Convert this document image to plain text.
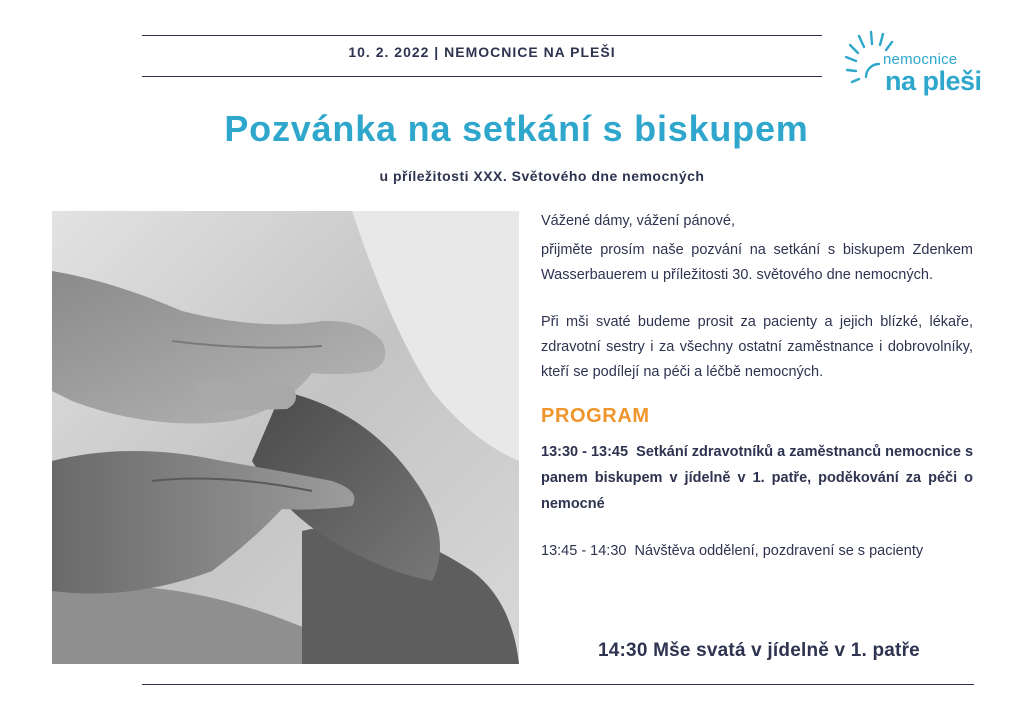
10. 2. 2022 | NEMOCNICE NA PLEŠI	nemocnice
na pleši
Pozvánka na setkání s biskupem
u příležitosti XXX. Světového dne nemocných

Vážené dámy, vážení pánové,

přijměte prosím naše pozvání na setkání s biskupem Zdenkem Wasserbauerem u příležitosti 30. světového dne nemocných.

Při mši svaté budeme prosit za pacienty a jejich blízké, lékaře, zdravotní sestry i za všechny ostatní zaměstnance i dobrovolníky, kteří se podílejí na péči a léčbě nemocných.

PROGRAM
13:30 - 13:45 Setkání zdravotníků a zaměstnanců nemocnice s panem biskupem v jídelně v 1. patře, poděkování za péči o nemocné
13:45 - 14:30 Návštěva oddělení, pozdravení se s pacienty
14:30 Mše svatá v jídelně v 1. patře
